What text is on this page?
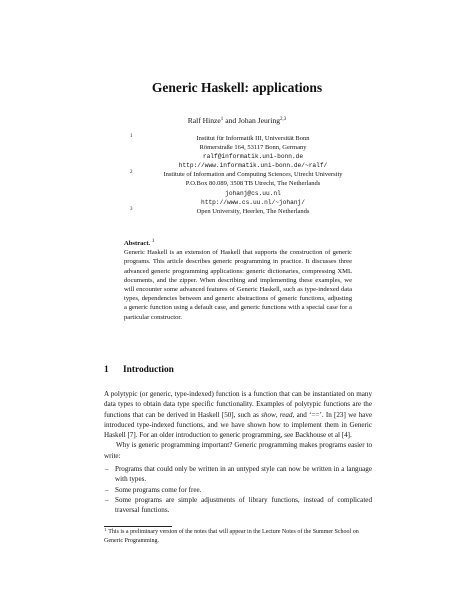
Generic Haskell: applications
Ralf Hinze$^1$ and Johan Jeuring$^{2,3}$
1	Institut für Informatik III, Universität Bonn
Römerstraße 164, 53117 Bonn, Germany
ralf@informatik.uni-bonn.de
http://www.informatik.uni-bonn.de/~ralf/
2	Institute of Information and Computing Sciences, Utrecht University
P.O.Box 80.089, 3508 TB Utrecht, The Netherlands
johanj@cs.uu.nl
http://www.cs.uu.nl/~johanj/
3	Open University, Heerlen, The Netherlands
Abstract. $^1$
Generic Haskell is an extension of Haskell that supports the construction of generic programs. This article describes generic programming in practice. It discusses three advanced generic programming applications: generic dictionaries, compressing XML documents, and the zipper. When describing and implementing these examples, we will encounter some advanced features of Generic Haskell, such as type-indexed data types, dependencies between and generic abstractions of generic functions, adjusting a generic function using a default case, and generic functions with a special case for a particular constructor.
1 Introduction

A polytypic (or generic, type-indexed) function is a function that can be instantiated on many data types to obtain data type specific functionality. Examples of polytypic functions are the functions that can be derived in Haskell [50], such as show, read, and ‘==’. In [23] we have introduced type-indexed functions, and we have shown how to implement them in Generic Haskell [7]. For an older introduction to generic programming, see Backhouse et al [4].

Why is generic programming important? Generic programming makes programs easier to write:

– Programs that could only be written in an untyped style can now be written in a language with types.
– Some programs come for free.
– Some programs are simple adjustments of library functions, instead of complicated traversal functions.
$^1$ This is a preliminary version of the notes that will appear in the Lecture Notes of the Summer School on Generic Programming.
